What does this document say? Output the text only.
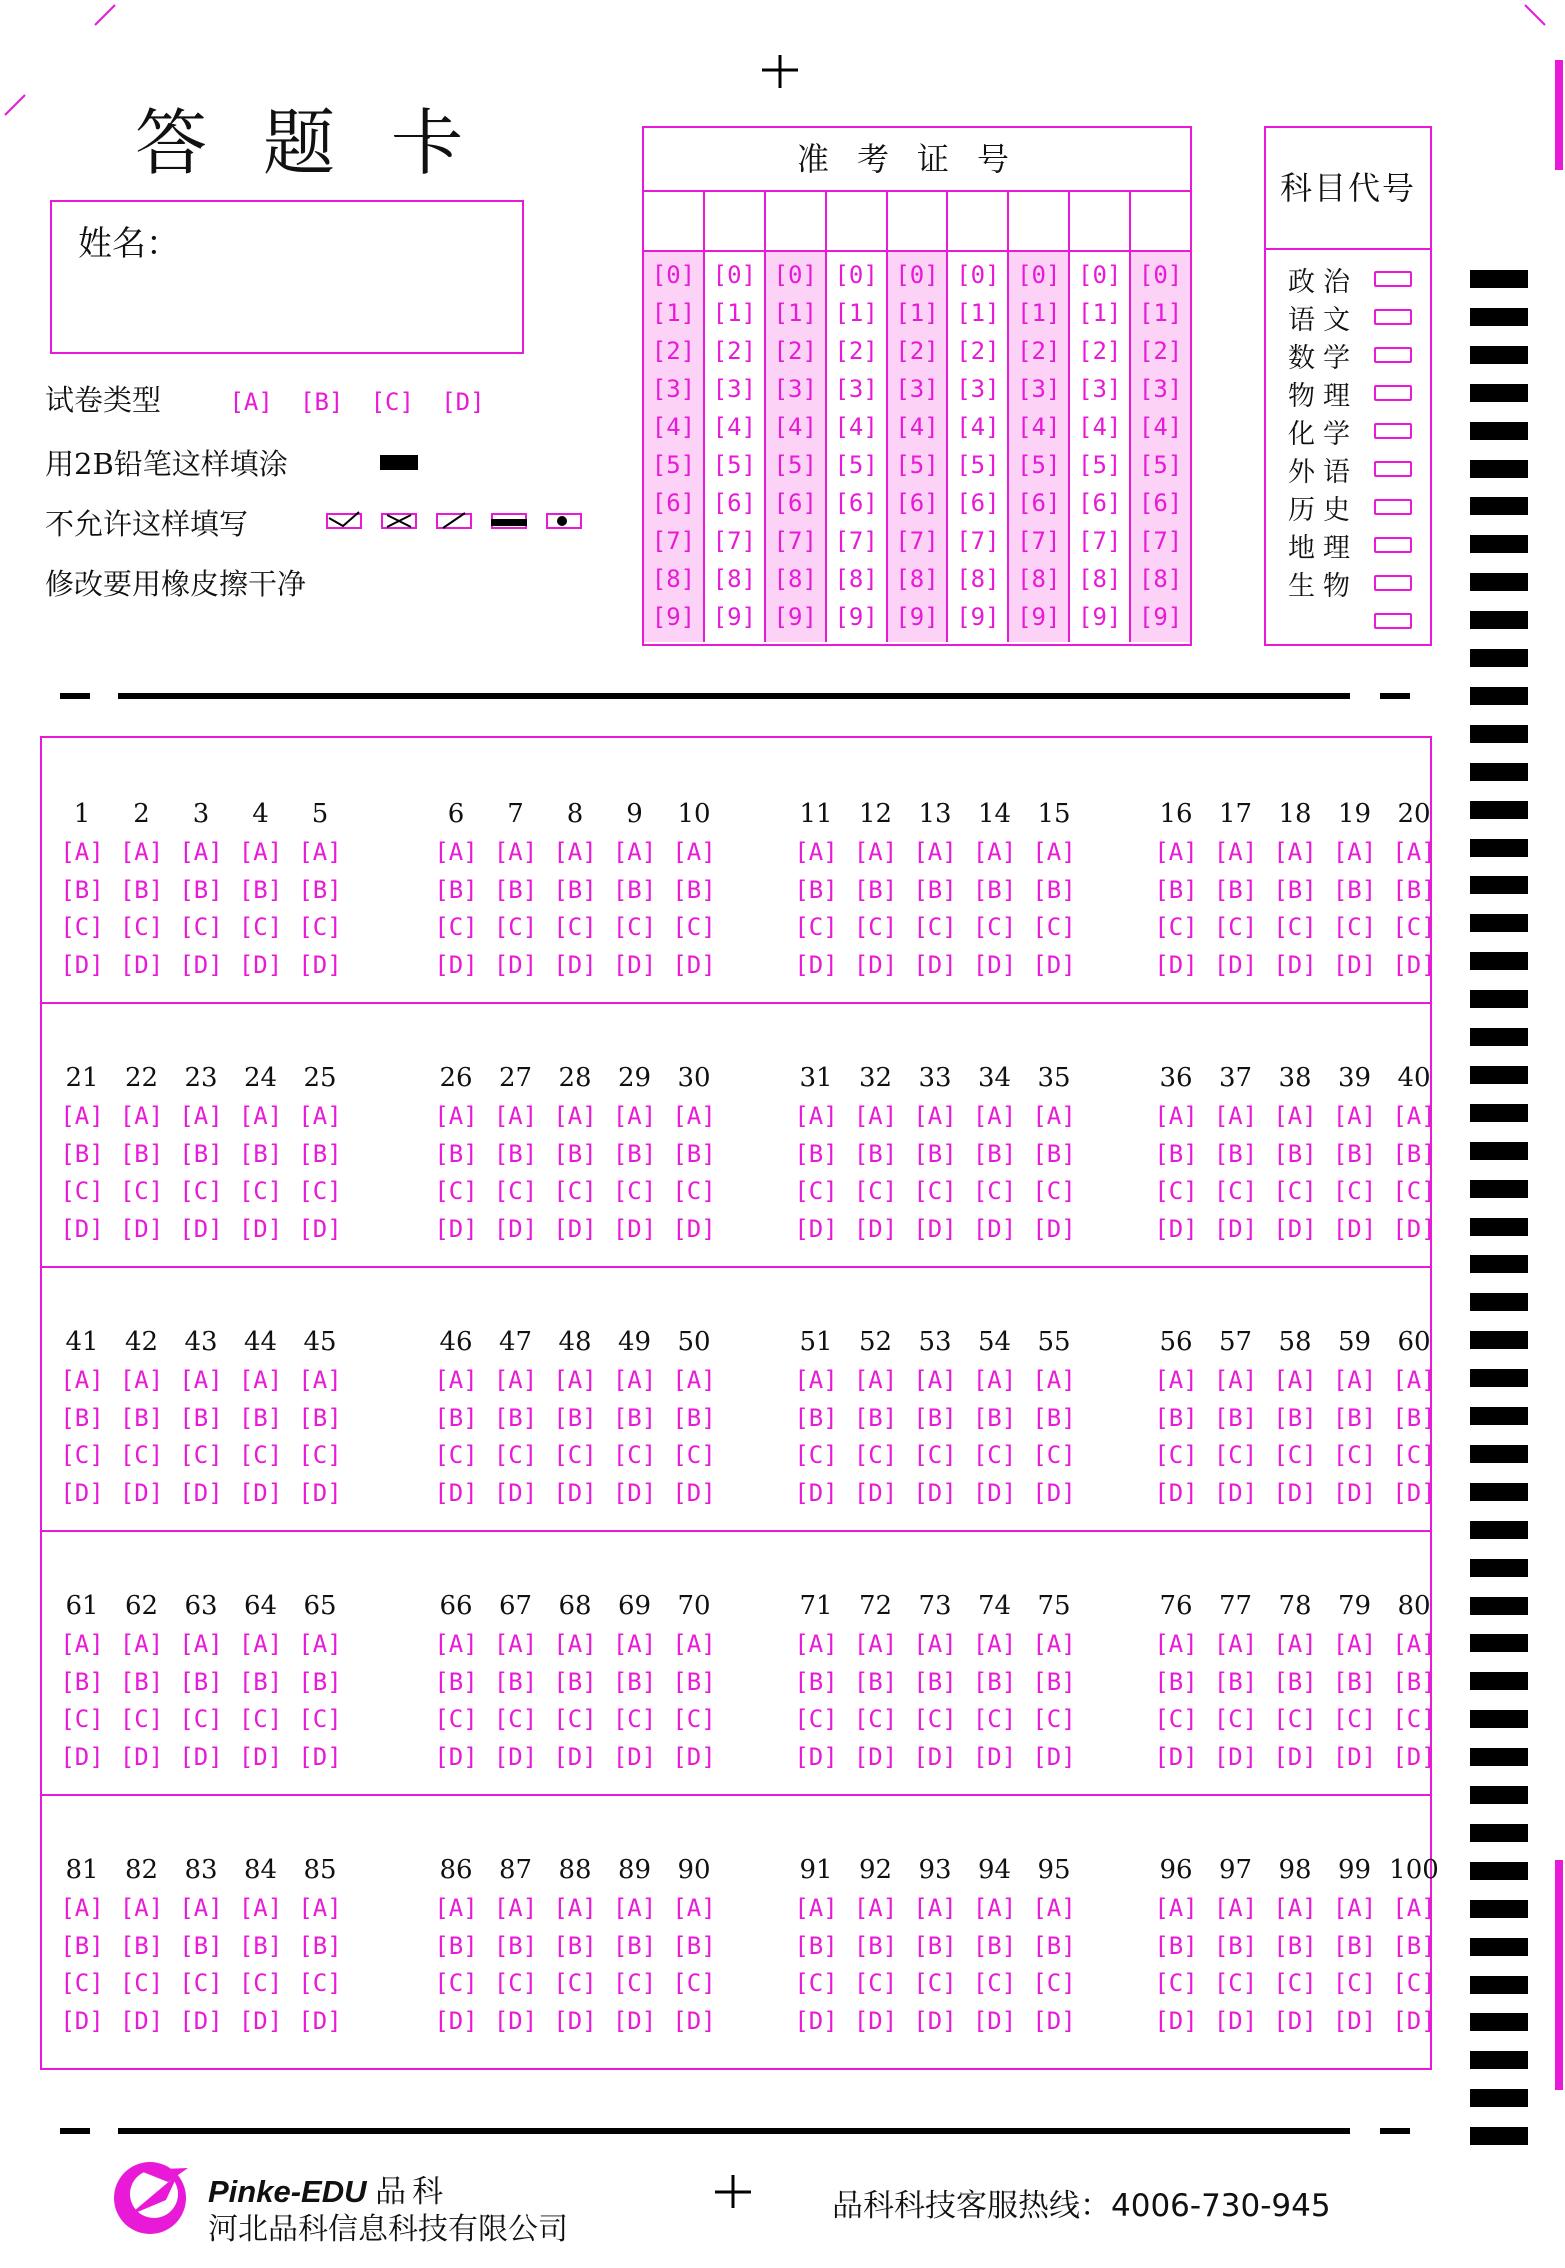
答题卡
姓名：
试卷类型	[A] [B] [C] [D]
用2B铅笔这样填涂
不允许这样填写
修改要用橡皮擦干净
准考证号
[0]
[1]
[2]
[3]
[4]
[5]
[6]
[7]
[8]
[9]
[0]
[1]
[2]
[3]
[4]
[5]
[6]
[7]
[8]
[9]
[0]
[1]
[2]
[3]
[4]
[5]
[6]
[7]
[8]
[9]
[0]
[1]
[2]
[3]
[4]
[5]
[6]
[7]
[8]
[9]
[0]
[1]
[2]
[3]
[4]
[5]
[6]
[7]
[8]
[9]
[0]
[1]
[2]
[3]
[4]
[5]
[6]
[7]
[8]
[9]
[0]
[1]
[2]
[3]
[4]
[5]
[6]
[7]
[8]
[9]
[0]
[1]
[2]
[3]
[4]
[5]
[6]
[7]
[8]
[9]
[0]
[1]
[2]
[3]
[4]
[5]
[6]
[7]
[8]
[9]
科目代号
政治
语文
数学
物理
化学
外语
历史
地理
生物
1
[A]
[B]
[C]
[D]
2
[A]
[B]
[C]
[D]
3
[A]
[B]
[C]
[D]
4
[A]
[B]
[C]
[D]
5
[A]
[B]
[C]
[D]
6
[A]
[B]
[C]
[D]
7
[A]
[B]
[C]
[D]
8
[A]
[B]
[C]
[D]
9
[A]
[B]
[C]
[D]
10
[A]
[B]
[C]
[D]
11
[A]
[B]
[C]
[D]
12
[A]
[B]
[C]
[D]
13
[A]
[B]
[C]
[D]
14
[A]
[B]
[C]
[D]
15
[A]
[B]
[C]
[D]
16
[A]
[B]
[C]
[D]
17
[A]
[B]
[C]
[D]
18
[A]
[B]
[C]
[D]
19
[A]
[B]
[C]
[D]
20
[A]
[B]
[C]
[D]
21
[A]
[B]
[C]
[D]
22
[A]
[B]
[C]
[D]
23
[A]
[B]
[C]
[D]
24
[A]
[B]
[C]
[D]
25
[A]
[B]
[C]
[D]
26
[A]
[B]
[C]
[D]
27
[A]
[B]
[C]
[D]
28
[A]
[B]
[C]
[D]
29
[A]
[B]
[C]
[D]
30
[A]
[B]
[C]
[D]
31
[A]
[B]
[C]
[D]
32
[A]
[B]
[C]
[D]
33
[A]
[B]
[C]
[D]
34
[A]
[B]
[C]
[D]
35
[A]
[B]
[C]
[D]
36
[A]
[B]
[C]
[D]
37
[A]
[B]
[C]
[D]
38
[A]
[B]
[C]
[D]
39
[A]
[B]
[C]
[D]
40
[A]
[B]
[C]
[D]
41
[A]
[B]
[C]
[D]
42
[A]
[B]
[C]
[D]
43
[A]
[B]
[C]
[D]
44
[A]
[B]
[C]
[D]
45
[A]
[B]
[C]
[D]
46
[A]
[B]
[C]
[D]
47
[A]
[B]
[C]
[D]
48
[A]
[B]
[C]
[D]
49
[A]
[B]
[C]
[D]
50
[A]
[B]
[C]
[D]
51
[A]
[B]
[C]
[D]
52
[A]
[B]
[C]
[D]
53
[A]
[B]
[C]
[D]
54
[A]
[B]
[C]
[D]
55
[A]
[B]
[C]
[D]
56
[A]
[B]
[C]
[D]
57
[A]
[B]
[C]
[D]
58
[A]
[B]
[C]
[D]
59
[A]
[B]
[C]
[D]
60
[A]
[B]
[C]
[D]
61
[A]
[B]
[C]
[D]
62
[A]
[B]
[C]
[D]
63
[A]
[B]
[C]
[D]
64
[A]
[B]
[C]
[D]
65
[A]
[B]
[C]
[D]
66
[A]
[B]
[C]
[D]
67
[A]
[B]
[C]
[D]
68
[A]
[B]
[C]
[D]
69
[A]
[B]
[C]
[D]
70
[A]
[B]
[C]
[D]
71
[A]
[B]
[C]
[D]
72
[A]
[B]
[C]
[D]
73
[A]
[B]
[C]
[D]
74
[A]
[B]
[C]
[D]
75
[A]
[B]
[C]
[D]
76
[A]
[B]
[C]
[D]
77
[A]
[B]
[C]
[D]
78
[A]
[B]
[C]
[D]
79
[A]
[B]
[C]
[D]
80
[A]
[B]
[C]
[D]
81
[A]
[B]
[C]
[D]
82
[A]
[B]
[C]
[D]
83
[A]
[B]
[C]
[D]
84
[A]
[B]
[C]
[D]
85
[A]
[B]
[C]
[D]
86
[A]
[B]
[C]
[D]
87
[A]
[B]
[C]
[D]
88
[A]
[B]
[C]
[D]
89
[A]
[B]
[C]
[D]
90
[A]
[B]
[C]
[D]
91
[A]
[B]
[C]
[D]
92
[A]
[B]
[C]
[D]
93
[A]
[B]
[C]
[D]
94
[A]
[B]
[C]
[D]
95
[A]
[B]
[C]
[D]
96
[A]
[B]
[C]
[D]
97
[A]
[B]
[C]
[D]
98
[A]
[B]
[C]
[D]
99
[A]
[B]
[C]
[D]
100
[A]
[B]
[C]
[D]
Pinke-EDU 品科
河北品科信息科技有限公司
品科科技客服热线：4006-730-945
